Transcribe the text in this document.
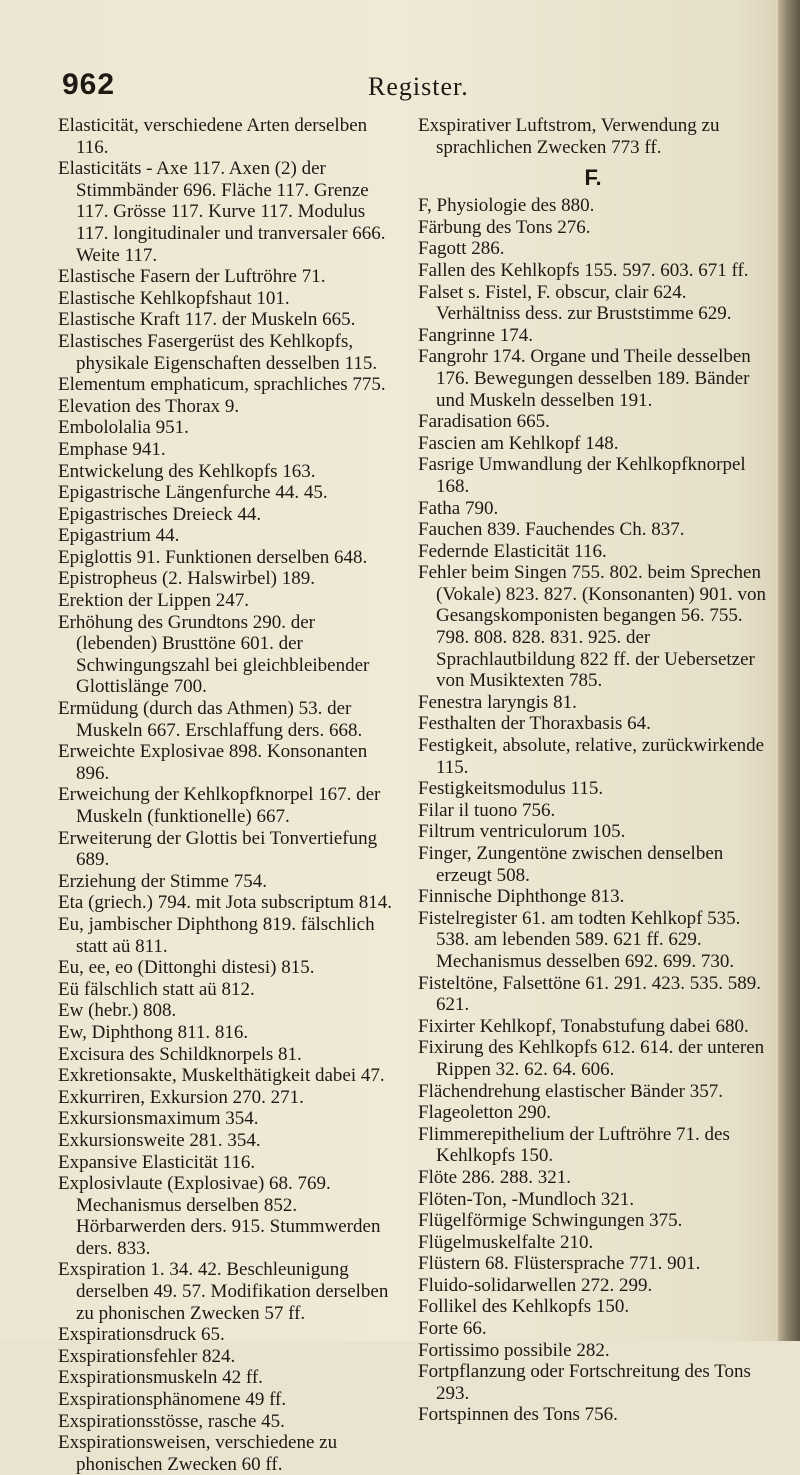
962	Register.

Elasticität, verschiedene Arten derselben 116.

Elasticitäts - Axe 117. Axen (2) der Stimmbänder 696. Fläche 117. Grenze 117. Grösse 117. Kurve 117. Modulus 117. longitudinaler und tranversaler 666. Weite 117.

Elastische Fasern der Luftröhre 71.

Elastische Kehlkopfshaut 101.

Elastische Kraft 117. der Muskeln 665.

Elastisches Fasergerüst des Kehlkopfs, physikale Eigenschaften desselben 115.

Elementum emphaticum, sprachliches 775.

Elevation des Thorax 9.

Embololalia 951.

Emphase 941.

Entwickelung des Kehlkopfs 163.

Epigastrische Längenfurche 44. 45.

Epigastrisches Dreieck 44.

Epigastrium 44.

Epiglottis 91. Funktionen derselben 648.

Epistropheus (2. Halswirbel) 189.

Erektion der Lippen 247.

Erhöhung des Grundtons 290. der (lebenden) Brusttöne 601. der Schwingungszahl bei gleichbleibender Glottislänge 700.

Ermüdung (durch das Athmen) 53. der Muskeln 667. Erschlaffung ders. 668.

Erweichte Explosivae 898. Konsonanten 896.

Erweichung der Kehlkopfknorpel 167. der Muskeln (funktionelle) 667.

Erweiterung der Glottis bei Tonvertiefung 689.

Erziehung der Stimme 754.

Eta (griech.) 794. mit Jota subscriptum 814.

Eu, jambischer Diphthong 819. fälschlich statt aü 811.

Eu, ee, eo (Dittonghi distesi) 815.

Eü fälschlich statt aü 812.

Ew (hebr.) 808.

Ew, Diphthong 811. 816.

Excisura des Schildknorpels 81.

Exkretionsakte, Muskelthätigkeit dabei 47.

Exkurriren, Exkursion 270. 271.

Exkursionsmaximum 354.

Exkursionsweite 281. 354.

Expansive Elasticität 116.

Explosivlaute (Explosivae) 68. 769. Mechanismus derselben 852. Hörbarwerden ders. 915. Stummwerden ders. 833.

Exspiration 1. 34. 42. Beschleunigung derselben 49. 57. Modifikation derselben zu phonischen Zwecken 57 ff.

Exspirationsdruck 65.

Exspirationsfehler 824.

Exspirationsmuskeln 42 ff.

Exspirationsphänomene 49 ff.

Exspirationsstösse, rasche 45.

Exspirationsweisen, verschiedene zu phonischen Zwecken 60 ff.

Exspirativer Luftstrom, Verwendung zu sprachlichen Zwecken 773 ff.

F.

F, Physiologie des 880.

Färbung des Tons 276.

Fagott 286.

Fallen des Kehlkopfs 155. 597. 603. 671 ff.

Falset s. Fistel, F. obscur, clair 624. Verhältniss dess. zur Bruststimme 629.

Fangrinne 174.

Fangrohr 174. Organe und Theile desselben 176. Bewegungen desselben 189. Bänder und Muskeln desselben 191.

Faradisation 665.

Fascien am Kehlkopf 148.

Fasrige Umwandlung der Kehlkopfknorpel 168.

Fatha 790.

Fauchen 839. Fauchendes Ch. 837.

Federnde Elasticität 116.

Fehler beim Singen 755. 802. beim Sprechen (Vokale) 823. 827. (Konsonanten) 901. von Gesangskomponisten begangen 56. 755. 798. 808. 828. 831. 925. der Sprachlautbildung 822 ff. der Uebersetzer von Musiktexten 785.

Fenestra laryngis 81.

Festhalten der Thoraxbasis 64.

Festigkeit, absolute, relative, zurückwirkende 115.

Festigkeitsmodulus 115.

Filar il tuono 756.

Filtrum ventriculorum 105.

Finger, Zungentöne zwischen denselben erzeugt 508.

Finnische Diphthonge 813.

Fistelregister 61. am todten Kehlkopf 535. 538. am lebenden 589. 621 ff. 629. Mechanismus desselben 692. 699. 730.

Fisteltöne, Falsettöne 61. 291. 423. 535. 589. 621.

Fixirter Kehlkopf, Tonabstufung dabei 680.

Fixirung des Kehlkopfs 612. 614. der unteren Rippen 32. 62. 64. 606.

Flächendrehung elastischer Bänder 357.

Flageoletton 290.

Flimmerepithelium der Luftröhre 71. des Kehlkopfs 150.

Flöte 286. 288. 321.

Flöten-Ton, -Mundloch 321.

Flügelförmige Schwingungen 375.

Flügelmuskelfalte 210.

Flüstern 68. Flüstersprache 771. 901.

Fluido-solidarwellen 272. 299.

Follikel des Kehlkopfs 150.

Forte 66.

Fortissimo possibile 282.

Fortpflanzung oder Fortschreitung des Tons 293.

Fortspinnen des Tons 756.
